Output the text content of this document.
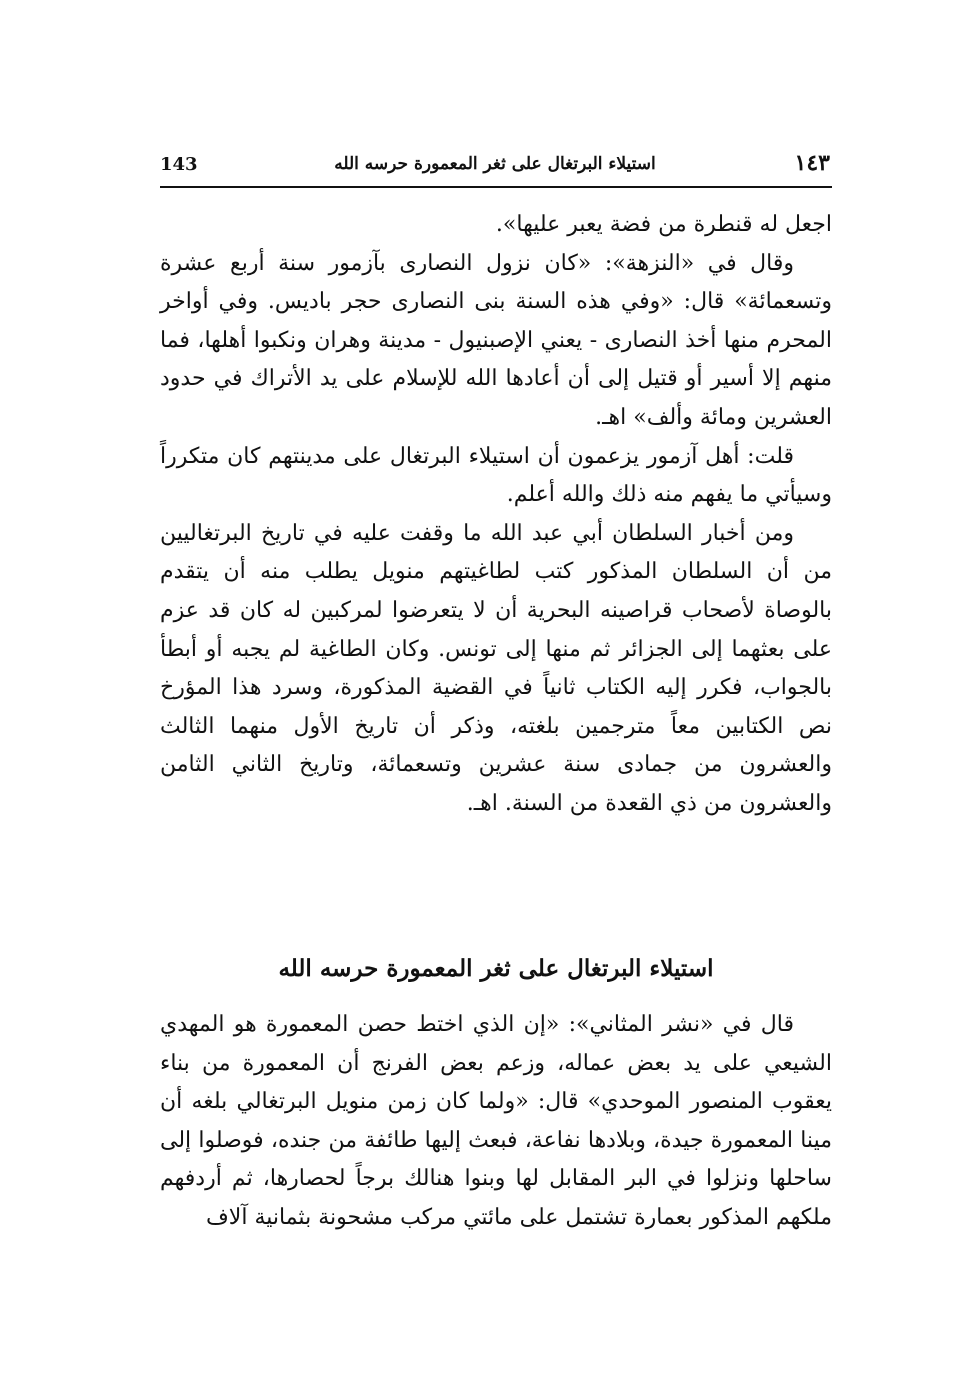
١٤٣
استيلاء البرتغال على ثغر المعمورة حرسه الله
143

اجعل له قنطرة من فضة يعبر عليها».

وقال في «النزهة»: «كان نزول النصارى بآزمور سنة أربع عشرة وتسعمائة» قال: «وفي هذه السنة بنى النصارى حجر باديس. وفي أواخر المحرم منها أخذ النصارى - يعني الإصبنيول - مدينة وهران ونكبوا أهلها، فما منهم إلا أسير أو قتيل إلى أن أعادها الله للإسلام على يد الأتراك في حدود العشرين ومائة وألف» اهـ.

قلت: أهل آزمور يزعمون أن استيلاء البرتغال على مدينتهم كان متكرراً وسيأتي ما يفهم منه ذلك والله أعلم.

ومن أخبار السلطان أبي عبد الله ما وقفت عليه في تاريخ البرتغاليين من أن السلطان المذكور كتب لطاغيتهم منويل يطلب منه أن يتقدم بالوصاة لأصحاب قراصينه البحرية أن لا يتعرضوا لمركبين له كان قد عزم على بعثهما إلى الجزائر ثم منها إلى تونس. وكان الطاغية لم يجبه أو أبطأ بالجواب، فكرر إليه الكتاب ثانياً في القضية المذكورة، وسرد هذا المؤرخ نص الكتابين معاً مترجمين بلغته، وذكر أن تاريخ الأول منهما الثالث والعشرون من جمادى سنة عشرين وتسعمائة، وتاريخ الثاني الثامن والعشرون من ذي القعدة من السنة. اهـ.

استيلاء البرتغال على ثغر المعمورة حرسه الله

قال في «نشر المثاني»: «إن الذي اختط حصن المعمورة هو المهدي الشيعي على يد بعض عماله، وزعم بعض الفرنج أن المعمورة من بناء يعقوب المنصور الموحدي» قال: «ولما كان زمن منويل البرتغالي بلغه أن مينا المعمورة جيدة، وبلادها نفاعة، فبعث إليها طائفة من جنده، فوصلوا إلى ساحلها ونزلوا في البر المقابل لها وبنوا هنالك برجاً لحصارها، ثم أردفهم ملكهم المذكور بعمارة تشتمل على مائتي مركب مشحونة بثمانية آلاف
